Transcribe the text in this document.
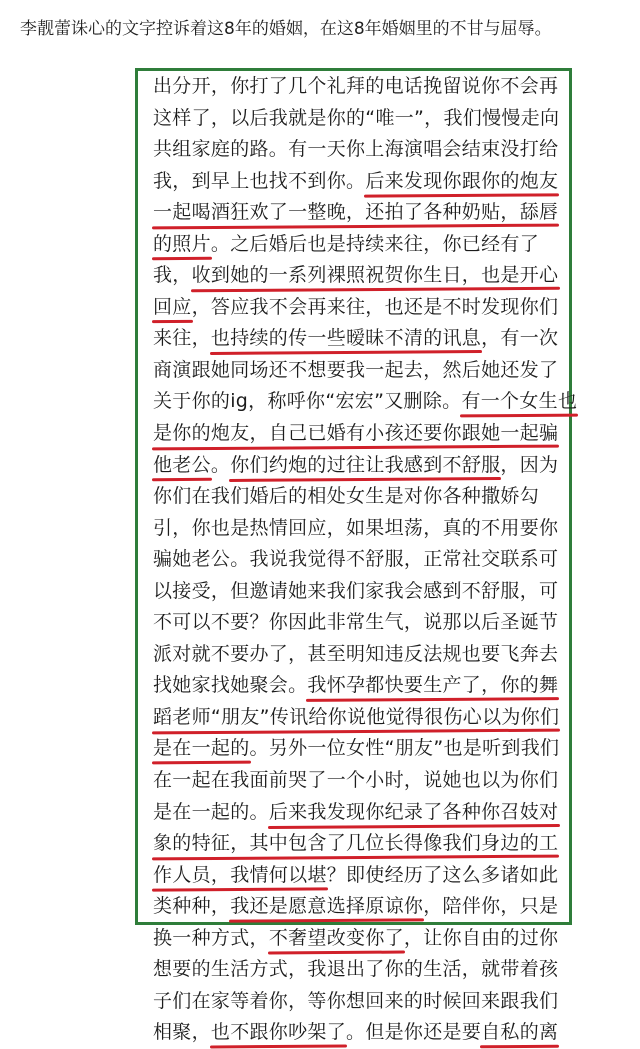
李靓蕾诛心的文字控诉着这8年的婚姻，在这8年婚姻里的不甘与屈辱。
出分开，你打了几个礼拜的电话挽留说你不会再
这样了，以后我就是你的“唯一”，我们慢慢走向
共组家庭的路。有一天你上海演唱会结束没打给
我，到早上也找不到你。后来发现你跟你的炮友
一起喝酒狂欢了一整晚，还拍了各种奶贴，舔唇
的照片。之后婚后也是持续来往，你已经有了
我，收到她的一系列裸照祝贺你生日，也是开心
回应，答应我不会再来往，也还是不时发现你们
来往，也持续的传一些暧昧不清的讯息，有一次
商演跟她同场还不想要我一起去，然后她还发了
关于你的ig，称呼你“宏宏”又删除。有一个女生也
是你的炮友，自己已婚有小孩还要你跟她一起骗
他老公。你们约炮的过往让我感到不舒服，因为
你们在我们婚后的相处女生是对你各种撒娇勾
引，你也是热情回应，如果坦荡，真的不用要你
骗她老公。我说我觉得不舒服，正常社交联系可
以接受，但邀请她来我们家我会感到不舒服，可
不可以不要？你因此非常生气，说那以后圣诞节
派对就不要办了，甚至明知违反法规也要飞奔去
找她家找她聚会。我怀孕都快要生产了，你的舞
蹈老师“朋友”传讯给你说他觉得很伤心以为你们
是在一起的。另外一位女性“朋友”也是听到我们
在一起在我面前哭了一个小时，说她也以为你们
是在一起的。后来我发现你纪录了各种你召妓对
象的特征，其中包含了几位长得像我们身边的工
作人员，我情何以堪？即使经历了这么多诸如此
类种种，我还是愿意选择原谅你，陪伴你，只是
换一种方式，不奢望改变你了，让你自由的过你
想要的生活方式，我退出了你的生活，就带着孩
子们在家等着你，等你想回来的时候回来跟我们
相聚，也不跟你吵架了。但是你还是要自私的离
